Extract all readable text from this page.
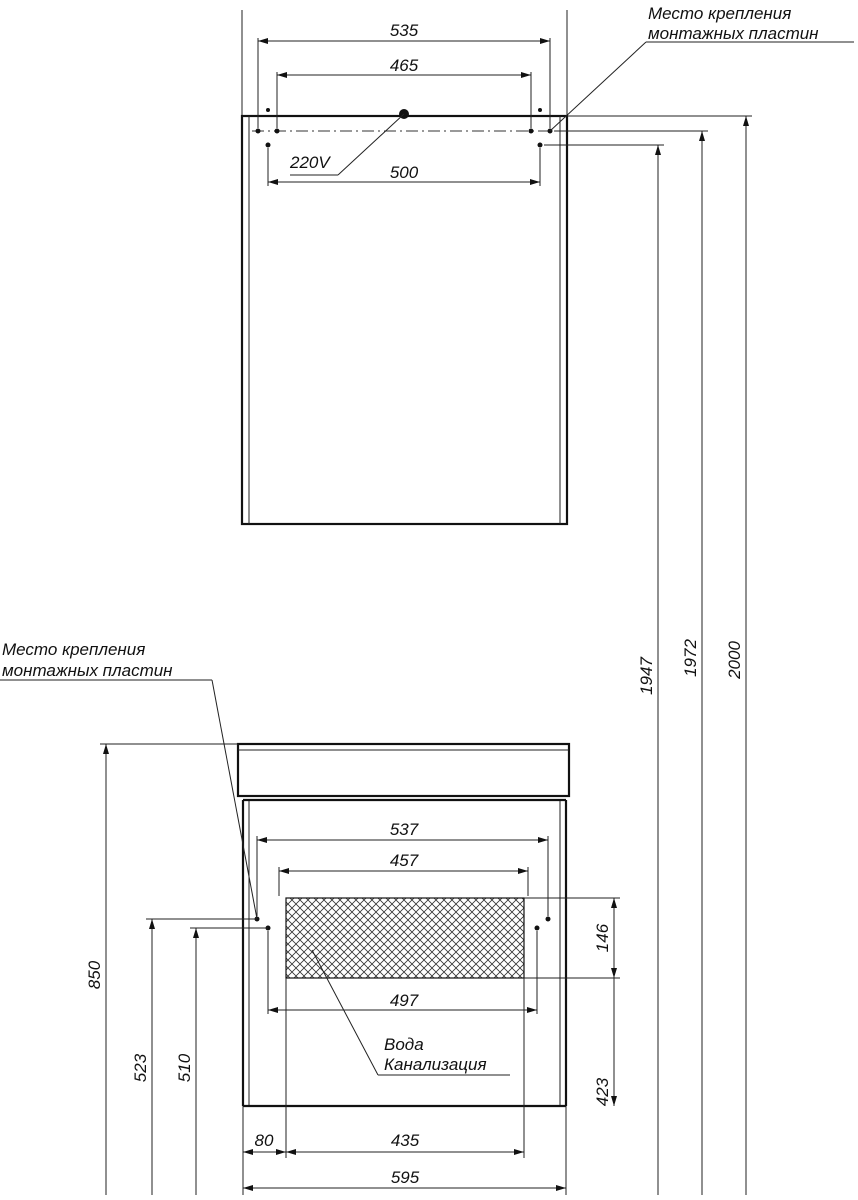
535
465
500
220V
Место крепления
монтажных пластин
1947 1972 2000
537
457
497
146
423
850
523 510
80	435
595
Место крепления
монтажных пластин
Вода
Канализация
